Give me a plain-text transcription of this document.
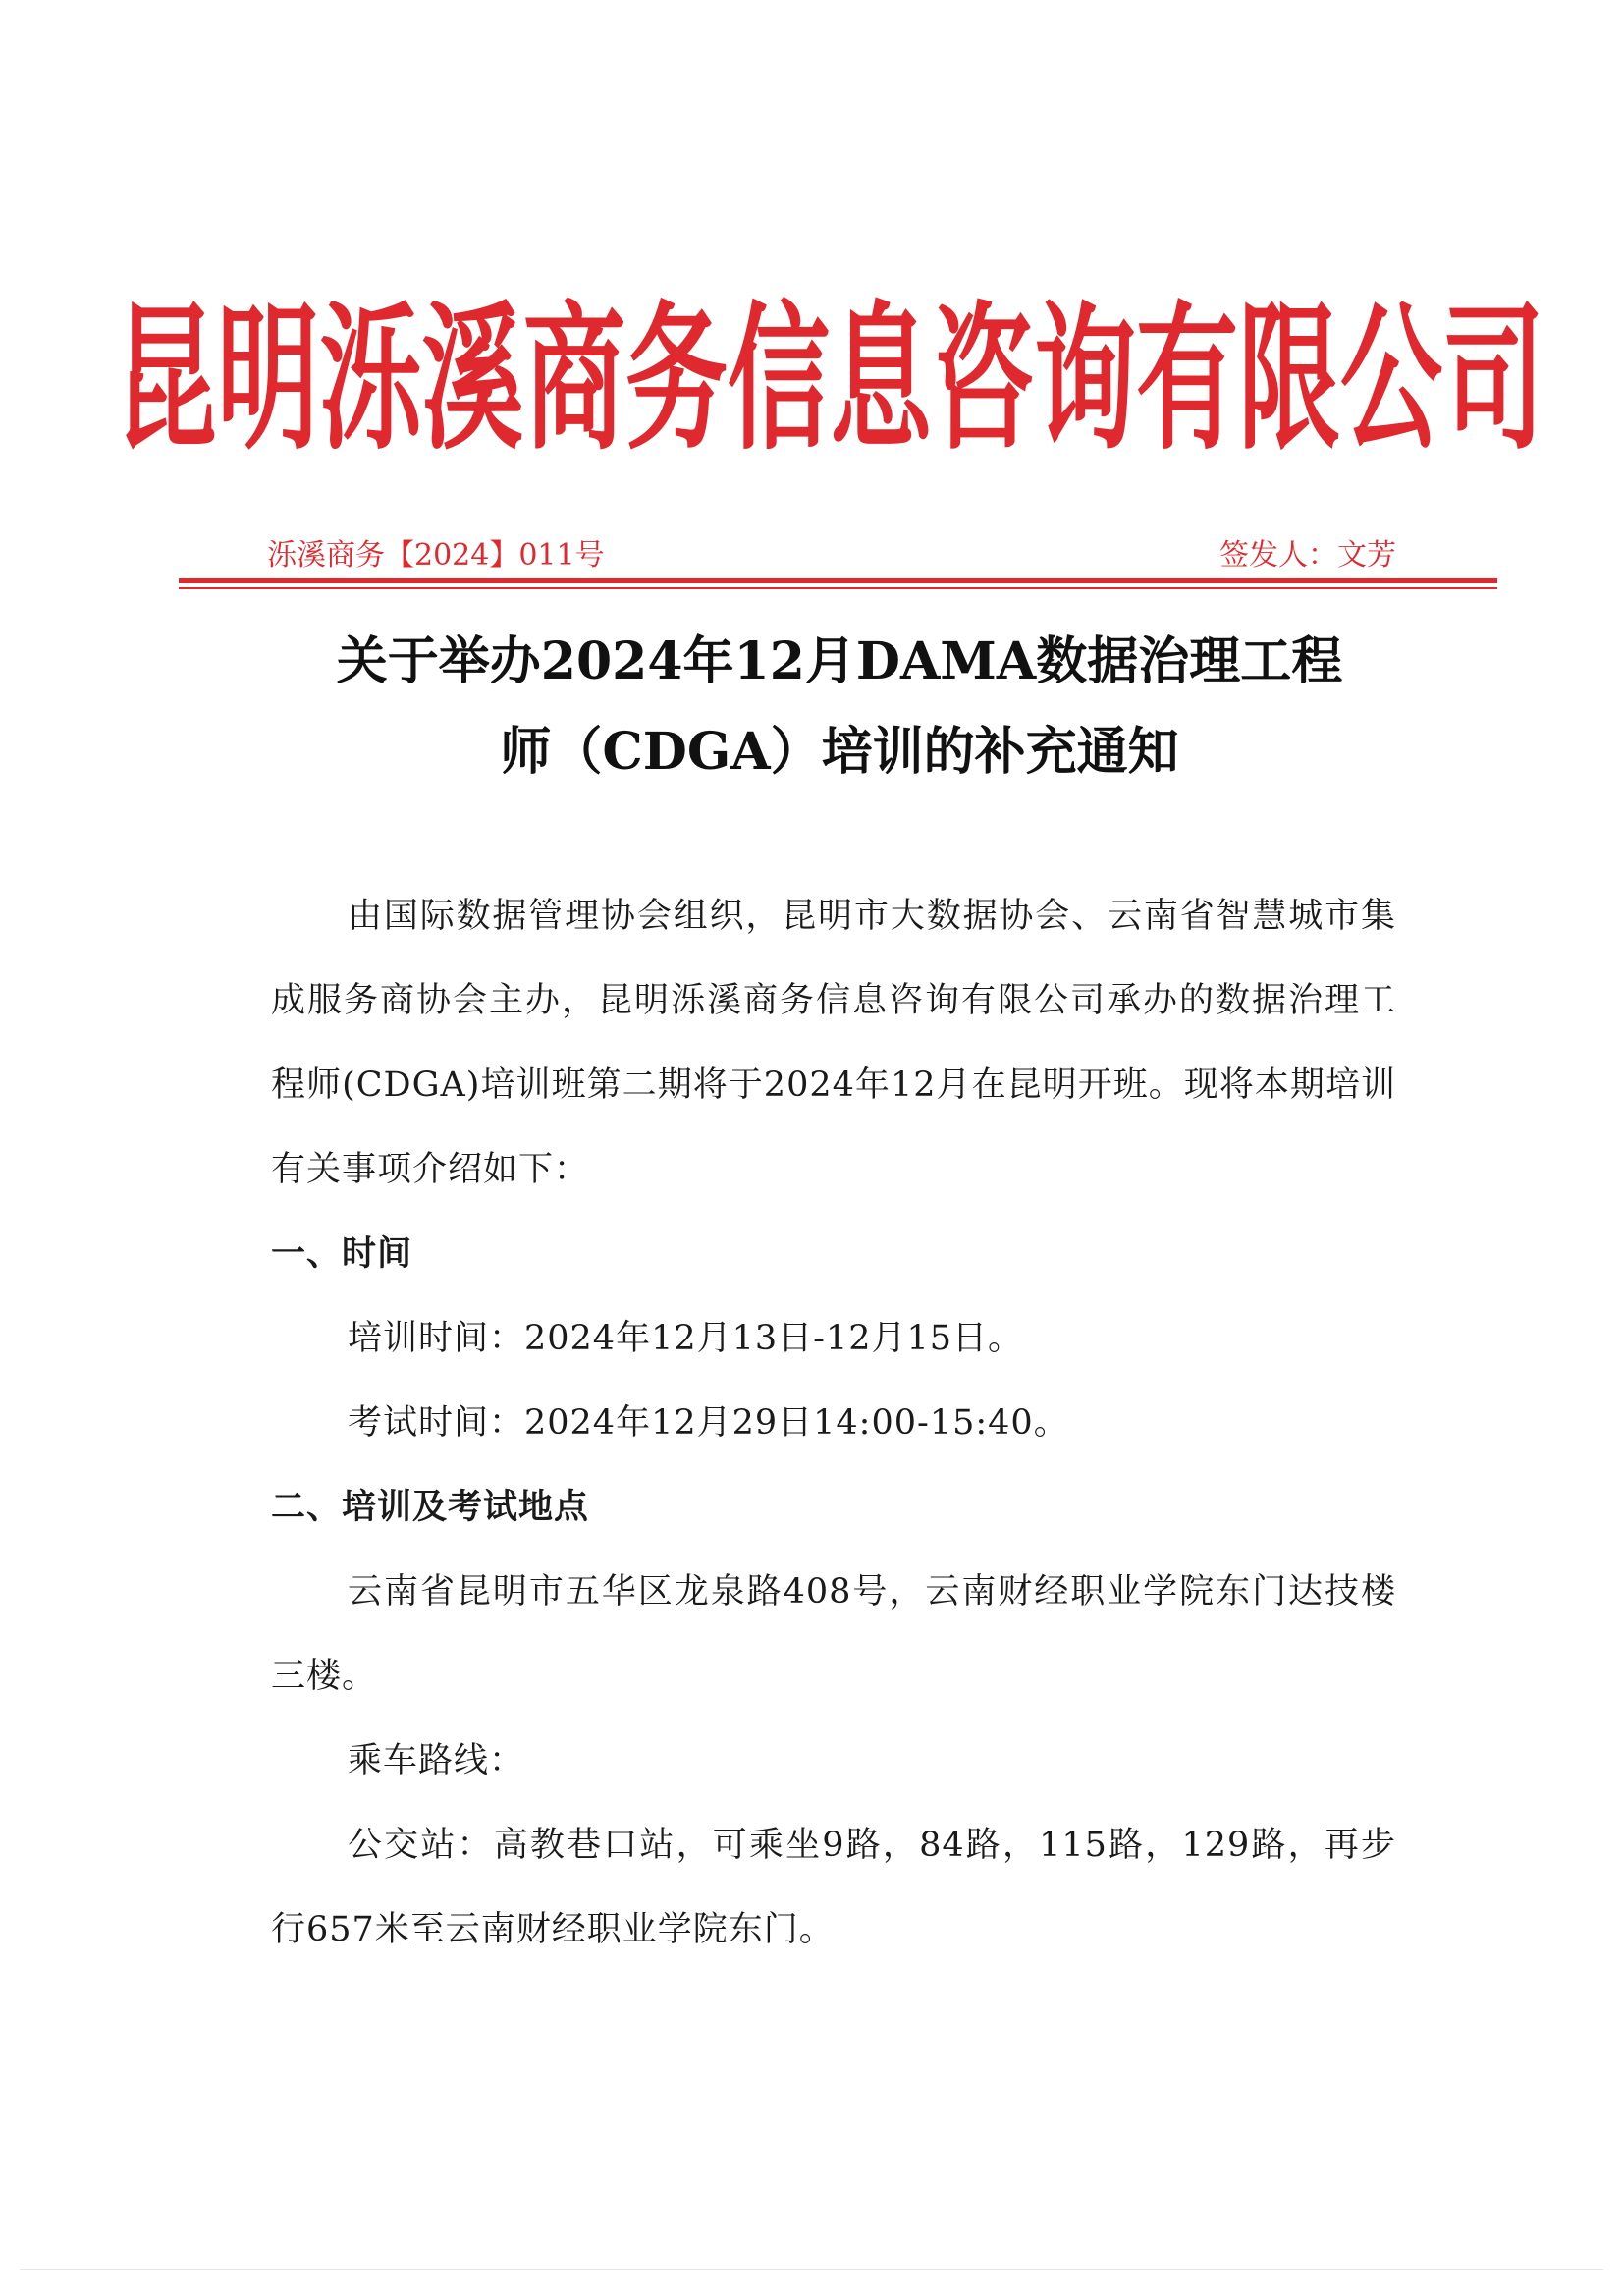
昆明泺溪商务信息咨询有限公司
泺溪商务【2024】011号	签发人：文芳
关于举办2024年12月DAMA数据治理工程
师（CDGA）培训的补充通知

由国际数据管理协会组织，昆明市大数据协会、云南省智慧城市集成服务商协会主办，昆明泺溪商务信息咨询有限公司承办的数据治理工程师(CDGA)培训班第二期将于2024年12月在昆明开班。现将本期培训有关事项介绍如下：

一、时间

培训时间：2024年12月13日-12月15日。

考试时间：2024年12月29日14:00-15:40。

二、培训及考试地点

云南省昆明市五华区龙泉路408号，云南财经职业学院东门达技楼三楼。

乘车路线：

公交站：高教巷口站，可乘坐9路，84路，115路，129路，再步行657米至云南财经职业学院东门。
